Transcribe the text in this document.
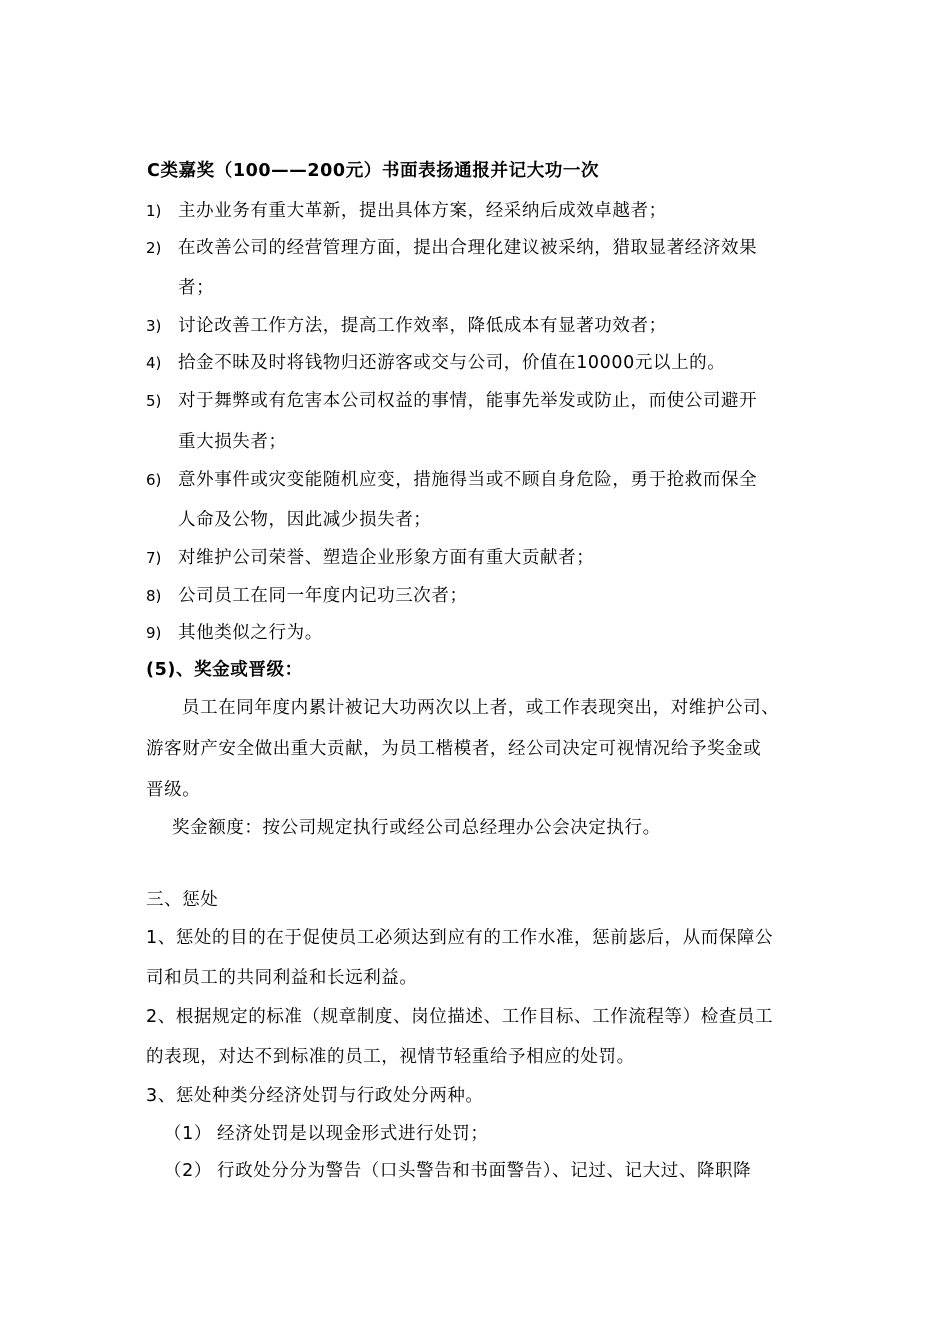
C类嘉奖（100——200元）书面表扬通报并记大功一次
1) 主办业务有重大革新，提出具体方案，经采纳后成效卓越者；
2) 在改善公司的经营管理方面，提出合理化建议被采纳，猎取显著经济效果
者；
3) 讨论改善工作方法，提高工作效率，降低成本有显著功效者；
4) 拾金不昧及时将钱物归还游客或交与公司，价值在10000元以上的。
5) 对于舞弊或有危害本公司权益的事情，能事先举发或防止，而使公司避开
重大损失者；
6) 意外事件或灾变能随机应变，措施得当或不顾自身危险，勇于抢救而保全
人命及公物，因此减少损失者；
7) 对维护公司荣誉、塑造企业形象方面有重大贡献者；
8) 公司员工在同一年度内记功三次者；
9) 其他类似之行为。
(5)、奖金或晋级：
员工在同年度内累计被记大功两次以上者，或工作表现突出，对维护公司、
游客财产安全做出重大贡献，为员工楷模者，经公司决定可视情况给予奖金或
晋级。
奖金额度：按公司规定执行或经公司总经理办公会决定执行。
三、惩处
1、惩处的目的在于促使员工必须达到应有的工作水准，惩前毖后，从而保障公
司和员工的共同利益和长远利益。
2、根据规定的标准（规章制度、岗位描述、工作目标、工作流程等）检查员工
的表现，对达不到标准的员工，视情节轻重给予相应的处罚。
3、惩处种类分经济处罚与行政处分两种。
（1） 经济处罚是以现金形式进行处罚；
（2） 行政处分分为警告（口头警告和书面警告）、记过、记大过、降职降
